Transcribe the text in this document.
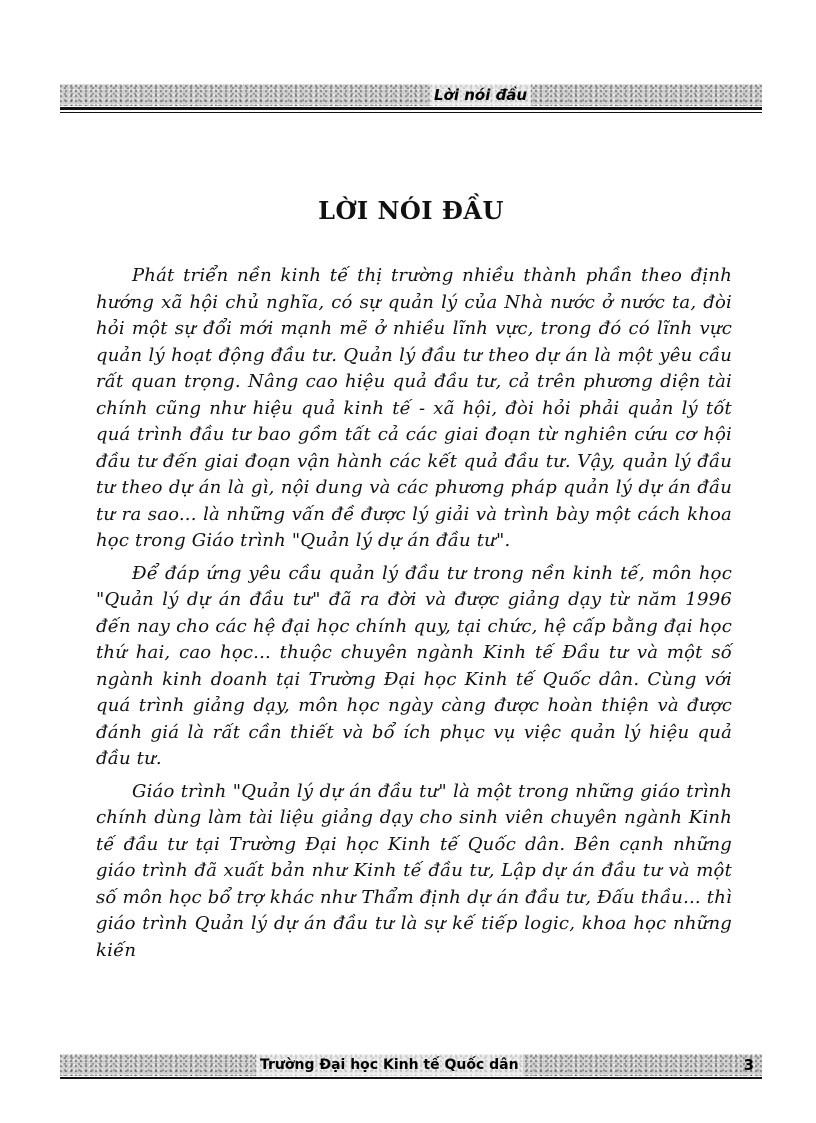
Lời nói đầu
LỜI NÓI ĐẦU

Phát triển nền kinh tế thị trường nhiều thành phần theo định hướng xã hội chủ nghĩa, có sự quản lý của Nhà nước ở nước ta, đòi hỏi một sự đổi mới mạnh mẽ ở nhiều lĩnh vực, trong đó có lĩnh vực quản lý hoạt động đầu tư. Quản lý đầu tư theo dự án là một yêu cầu rất quan trọng. Nâng cao hiệu quả đầu tư, cả trên phương diện tài chính cũng như hiệu quả kinh tế - xã hội, đòi hỏi phải quản lý tốt quá trình đầu tư bao gồm tất cả các giai đoạn từ nghiên cứu cơ hội đầu tư đến giai đoạn vận hành các kết quả đầu tư. Vậy, quản lý đầu tư theo dự án là gì, nội dung và các phương pháp quản lý dự án đầu tư ra sao... là những vấn đề được lý giải và trình bày một cách khoa học trong Giáo trình "Quản lý dự án đầu tư".

Để đáp ứng yêu cầu quản lý đầu tư trong nền kinh tế, môn học "Quản lý dự án đầu tư" đã ra đời và được giảng dạy từ năm 1996 đến nay cho các hệ đại học chính quy, tại chức, hệ cấp bằng đại học thứ hai, cao học... thuộc chuyên ngành Kinh tế Đầu tư và một số ngành kinh doanh tại Trường Đại học Kinh tế Quốc dân. Cùng với quá trình giảng dạy, môn học ngày càng được hoàn thiện và được đánh giá là rất cần thiết và bổ ích phục vụ việc quản lý hiệu quả đầu tư.

Giáo trình "Quản lý dự án đầu tư" là một trong những giáo trình chính dùng làm tài liệu giảng dạy cho sinh viên chuyên ngành Kinh tế đầu tư tại Trường Đại học Kinh tế Quốc dân. Bên cạnh những giáo trình đã xuất bản như Kinh tế đầu tư, Lập dự án đầu tư và một số môn học bổ trợ khác như Thẩm định dự án đầu tư, Đấu thầu... thì giáo trình Quản lý dự án đầu tư là sự kế tiếp logic, khoa học những kiến

Trường Đại học Kinh tế Quốc dân	3
